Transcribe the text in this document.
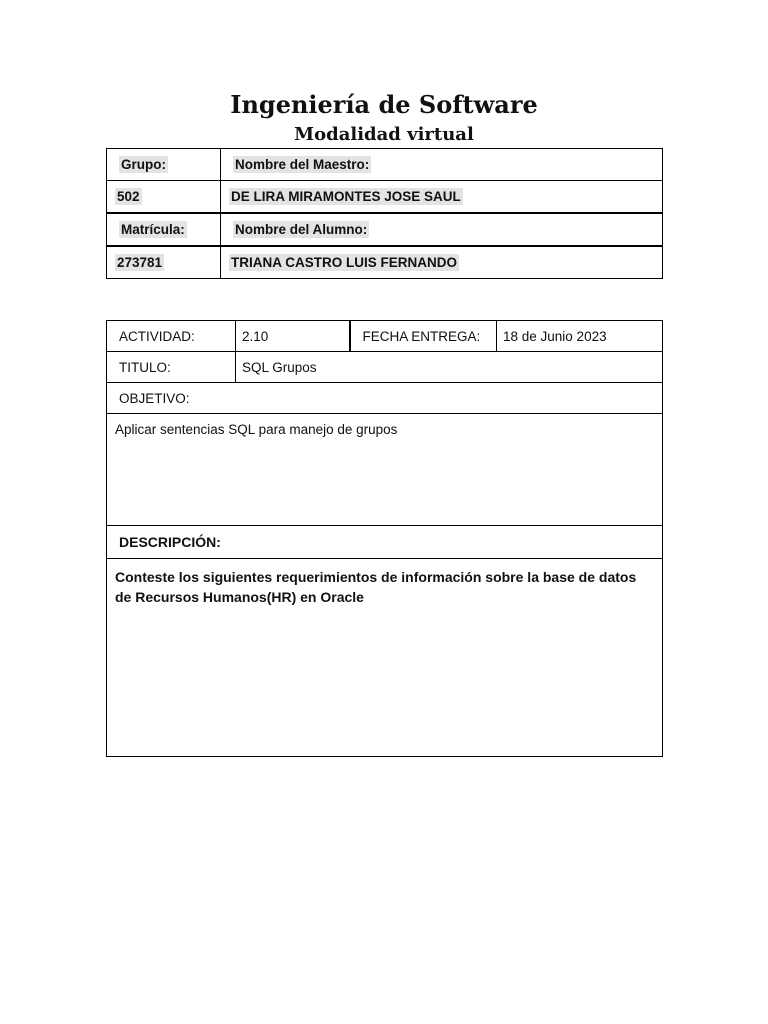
Ingeniería de Software
Modalidad virtual
Grupo:	Nombre del Maestro:
502	DE LIRA MIRAMONTES JOSE SAUL
Matrícula:	Nombre del Alumno:
273781	TRIANA CASTRO LUIS FERNANDO
ACTIVIDAD:	2.10	FECHA ENTREGA:	18 de Junio 2023
TITULO:	SQL Grupos		
OBJETIVO:			
Aplicar sentencias SQL para manejo de grupos			
DESCRIPCIÓN:			
Conteste los siguientes requerimientos de información sobre la base de datos de Recursos Humanos(HR) en Oracle			
